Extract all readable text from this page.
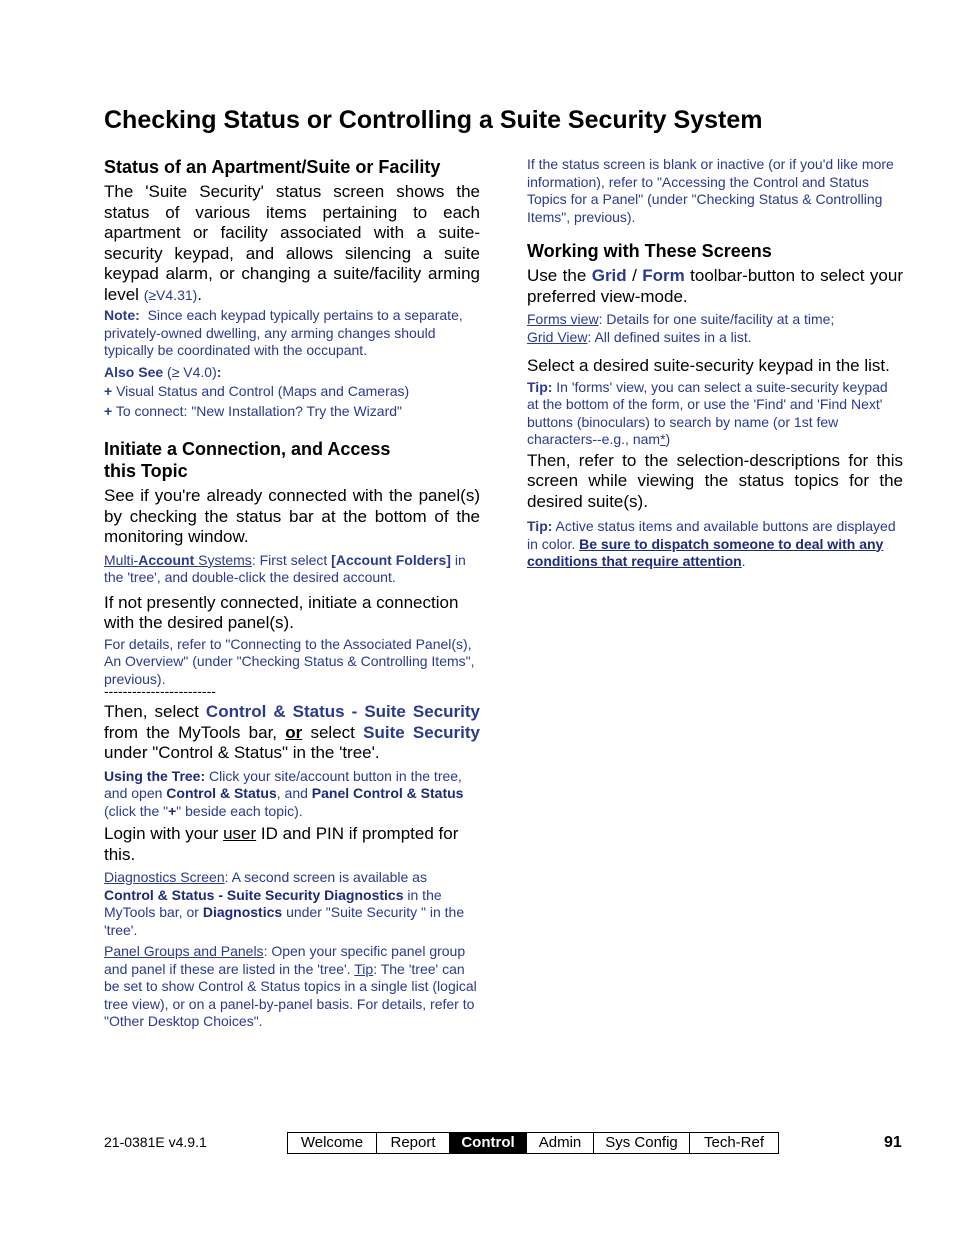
Checking Status or Controlling a Suite Security System
Status of an Apartment/Suite or Facility

The 'Suite Security' status screen shows the status of various items pertaining to each apartment or facility associated with a suite-security keypad, and allows silencing a suite keypad alarm, or changing a suite/facility arming level (≥V4.31).

Note: Since each keypad typically pertains to a separate, privately-owned dwelling, any arming changes should typically be coordinated with the occupant.

Also See (≥ V4.0):

+ Visual Status and Control (Maps and Cameras)

+ To connect: "New Installation? Try the Wizard"

Initiate a Connection, and Access this Topic

See if you're already connected with the panel(s) by checking the status bar at the bottom of the monitoring window.

Multi-Account Systems: First select [Account Folders] in the 'tree', and double-click the desired account.

If not presently connected, initiate a connection with the desired panel(s).

For details, refer to "Connecting to the Associated Panel(s), An Overview" (under "Checking Status & Controlling Items", previous).

------------------------

Then, select Control & Status - Suite Security from the MyTools bar, or select Suite Security under "Control & Status" in the 'tree'.

Using the Tree: Click your site/account button in the tree, and open Control & Status, and Panel Control & Status (click the "+" beside each topic).

Login with your user ID and PIN if prompted for this.

Diagnostics Screen: A second screen is available as Control & Status - Suite Security Diagnostics in the MyTools bar, or Diagnostics under "Suite Security " in the 'tree'.

Panel Groups and Panels: Open your specific panel group and panel if these are listed in the 'tree'. Tip: The 'tree' can be set to show Control & Status topics in a single list (logical tree view), or on a panel-by-panel basis. For details, refer to "Other Desktop Choices".

If the status screen is blank or inactive (or if you'd like more information), refer to "Accessing the Control and Status Topics for a Panel" (under "Checking Status & Controlling Items", previous).

Working with These Screens

Use the Grid / Form toolbar-button to select your preferred view-mode.

Forms view: Details for one suite/facility at a time;

Grid View: All defined suites in a list.

Select a desired suite-security keypad in the list.

Tip: In 'forms' view, you can select a suite-security keypad at the bottom of the form, or use the 'Find' and 'Find Next' buttons (binoculars) to search by name (or 1st few characters--e.g., nam*)

Then, refer to the selection-descriptions for this screen while viewing the status topics for the desired suite(s).

Tip: Active status items and available buttons are displayed in color. Be sure to dispatch someone to deal with any conditions that require attention.

21-0381E v4.9.1	Welcome	Report	Control	Admin	Sys Config	Tech-Ref	91
